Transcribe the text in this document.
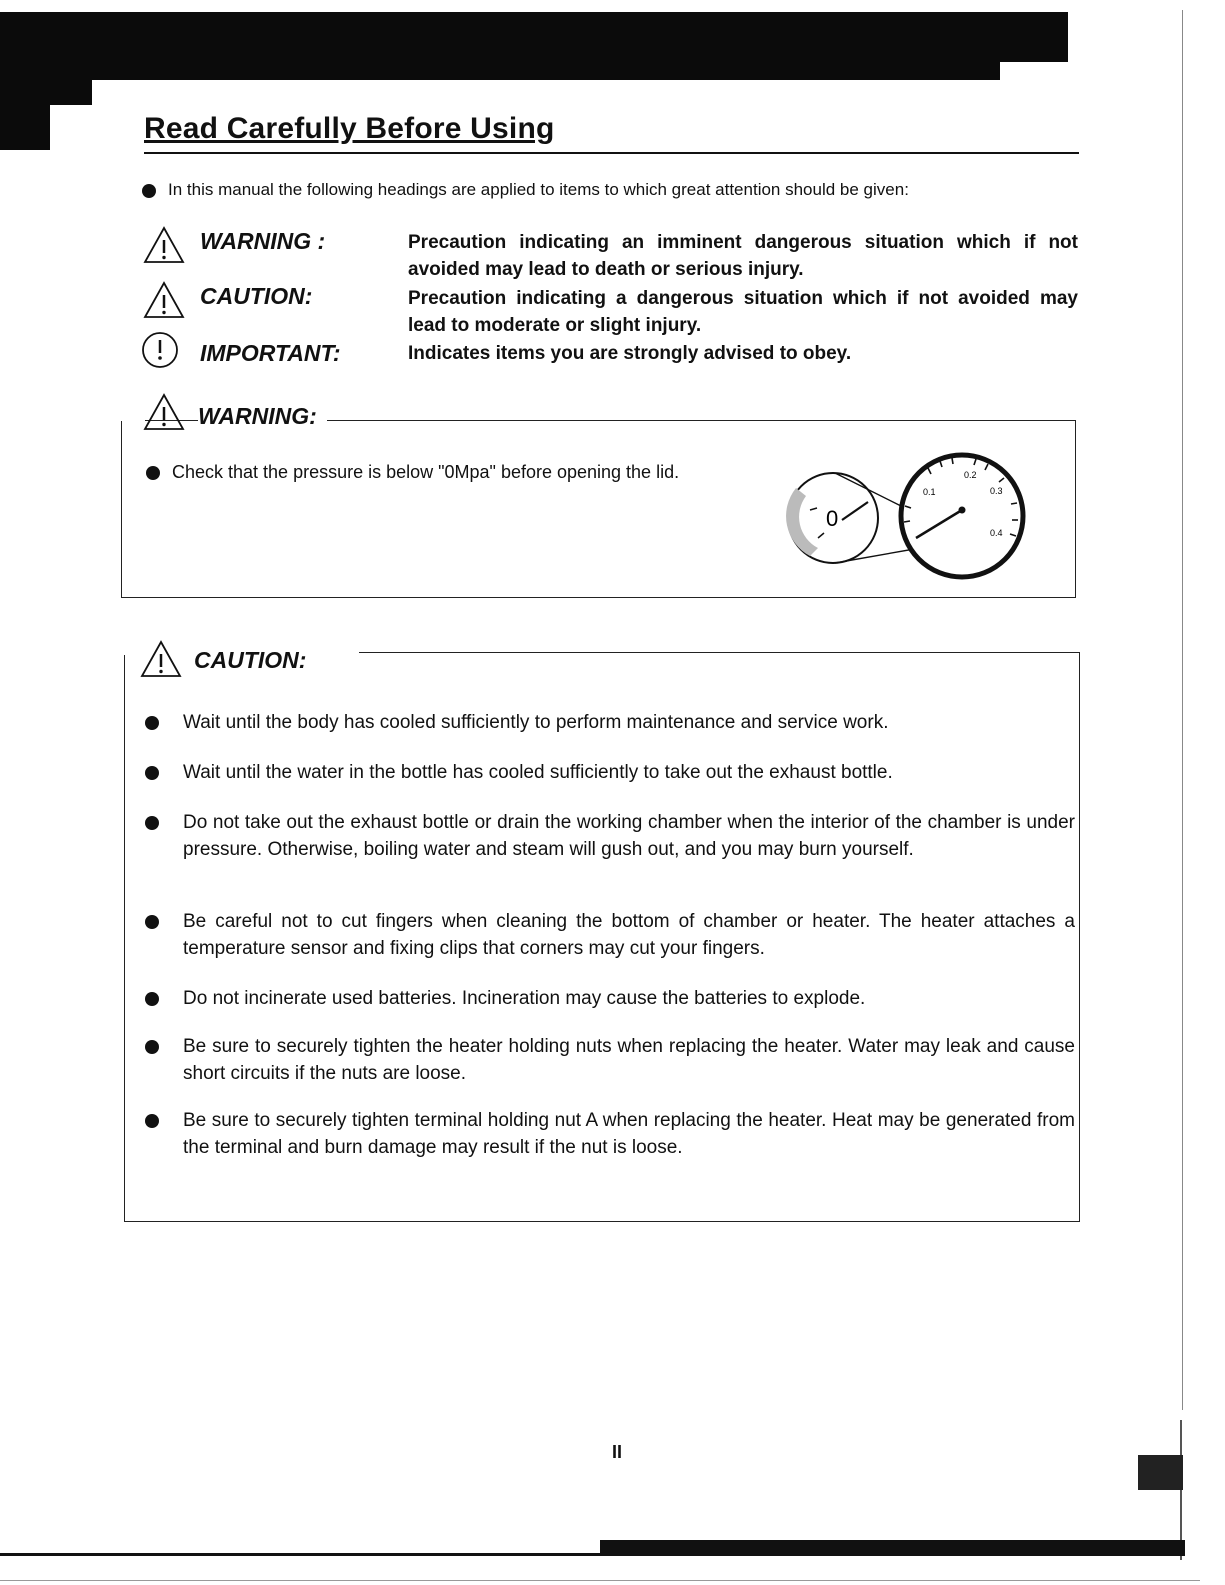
Read Carefully Before Using
In this manual the following headings are applied to items to which great attention should be given:
WARNING :	Precaution indicating an imminent dangerous situation which if not avoided may lead to death or serious injury.
CAUTION:	Precaution indicating a dangerous situation which if not avoided may lead to moderate or slight injury.
IMPORTANT:	Indicates items you are strongly advised to obey.
WARNING:
Check that the pressure is below "0Mpa" before opening the lid.	0.2
0.1	0.3
0.4
0
CAUTION:
Wait until the body has cooled sufficiently to perform maintenance and service work.
Wait until the water in the bottle has cooled sufficiently to take out the exhaust bottle.
Do not take out the exhaust bottle or drain the working chamber when the interior of the chamber is under pressure. Otherwise, boiling water and steam will gush out, and you may burn yourself.
Be careful not to cut fingers when cleaning the bottom of chamber or heater. The heater attaches a temperature sensor and fixing clips that corners may cut your fingers.
Do not incinerate used batteries. Incineration may cause the batteries to explode.
Be sure to securely tighten the heater holding nuts when replacing the heater. Water may leak and cause short circuits if the nuts are loose.
Be sure to securely tighten terminal holding nut A when replacing the heater. Heat may be generated from the terminal and burn damage may result if the nut is loose.
II
